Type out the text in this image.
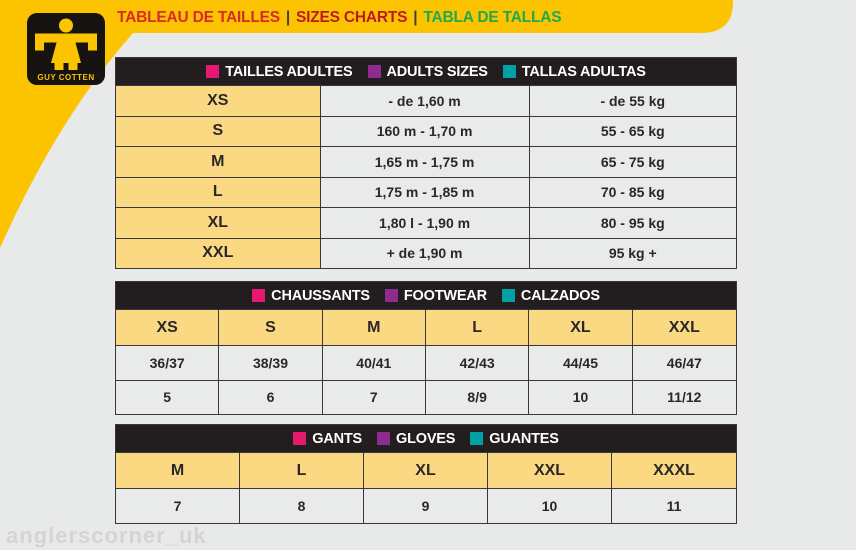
GUY COTTEN
TABLEAU DE TAILLES | SIZES CHARTS | TABLA DE TALLAS
TAILLES ADULTES ADULTS SIZES TALLAS ADULTAS
XS	- de 1,60 m	- de 55 kg
S	160 m - 1,70 m	55 - 65 kg
M	1,65 m - 1,75 m	65 - 75 kg
L	1,75 m - 1,85 m	70 - 85 kg
XL	1,80 l - 1,90 m	80 - 95 kg
XXL	+ de 1,90 m	95 kg +
CHAUSSANTS FOOTWEAR CALZADOS
XS	S	M	L	XL	XXL
36/37	38/39	40/41	42/43	44/45	46/47
5	6	7	8/9	10	11/12
GANTS GLOVES GUANTES
M	L	XL	XXL	XXXL
7	8	9	10	11
anglerscorner_uk
